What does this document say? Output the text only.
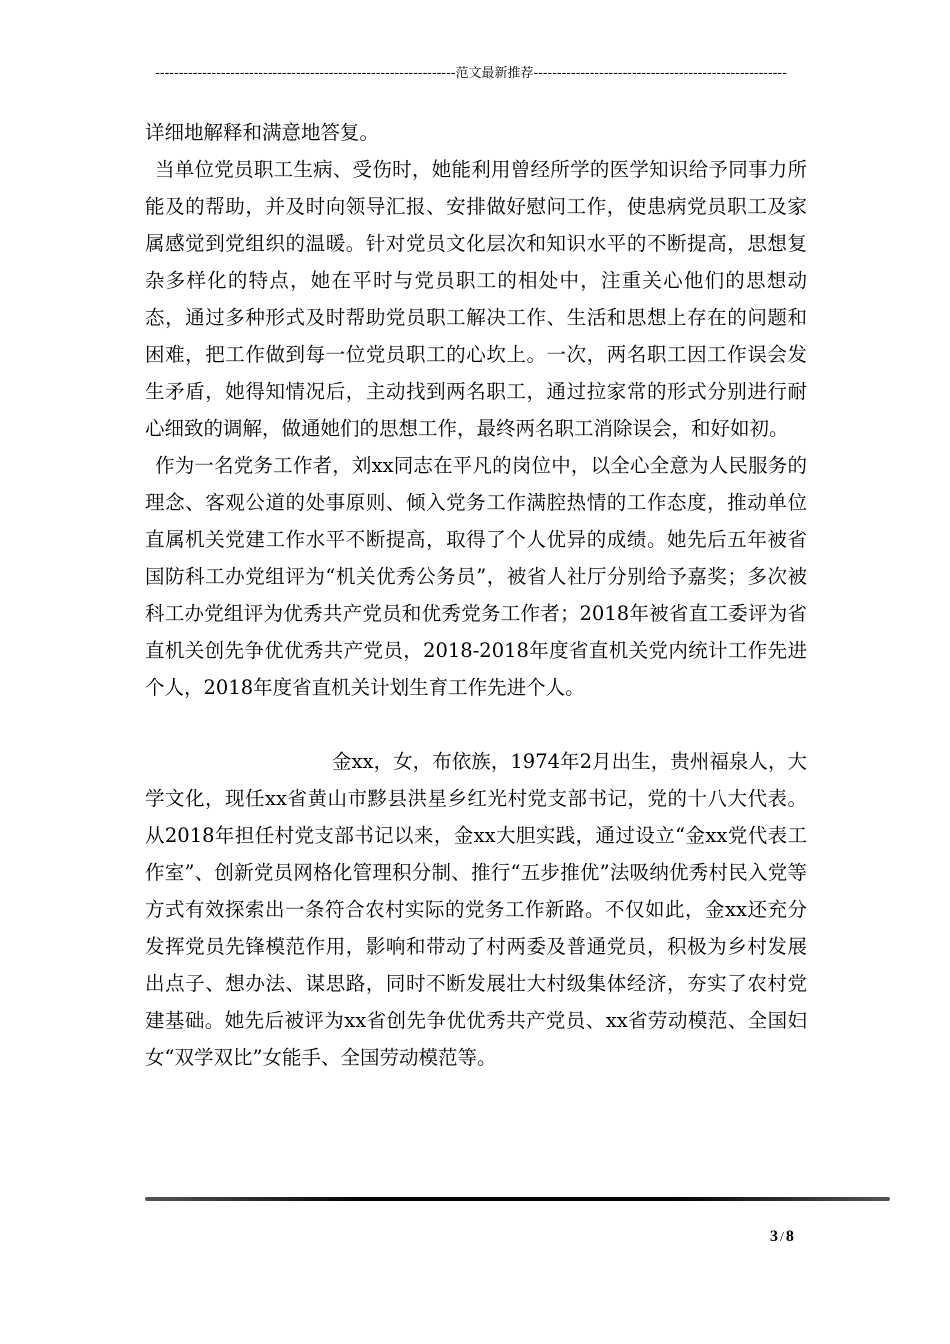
----------------------------------------------------------------范文最新推荐------------------------------------------------------

详细地解释和满意地答复。

当单位党员职工生病、受伤时，她能利用曾经所学的医学知识给予同事力所能及的帮助，并及时向领导汇报、安排做好慰问工作，使患病党员职工及家属感觉到党组织的温暖。针对党员文化层次和知识水平的不断提高，思想复杂多样化的特点，她在平时与党员职工的相处中，注重关心他们的思想动态，通过多种形式及时帮助党员职工解决工作、生活和思想上存在的问题和困难，把工作做到每一位党员职工的心坎上。一次，两名职工因工作误会发生矛盾，她得知情况后，主动找到两名职工，通过拉家常的形式分别进行耐心细致的调解，做通她们的思想工作，最终两名职工消除误会，和好如初。

作为一名党务工作者，刘xx同志在平凡的岗位中，以全心全意为人民服务的理念、客观公道的处事原则、倾入党务工作满腔热情的工作态度，推动单位直属机关党建工作水平不断提高，取得了个人优异的成绩。她先后五年被省国防科工办党组评为“机关优秀公务员”，被省人社厅分别给予嘉奖；多次被科工办党组评为优秀共产党员和优秀党务工作者；2018年被省直工委评为省直机关创先争优优秀共产党员，2018-2018年度省直机关党内统计工作先进个人，2018年度省直机关计划生育工作先进个人。

金xx，女，布依族，1974年2月出生，贵州福泉人，大学文化，现任xx省黄山市黟县洪星乡红光村党支部书记，党的十八大代表。从2018年担任村党支部书记以来，金xx大胆实践，通过设立“金xx党代表工作室”、创新党员网格化管理积分制、推行“五步推优”法吸纳优秀村民入党等方式有效探索出一条符合农村实际的党务工作新路。不仅如此，金xx还充分发挥党员先锋模范作用，影响和带动了村两委及普通党员，积极为乡村发展出点子、想办法、谋思路，同时不断发展壮大村级集体经济，夯实了农村党建基础。她先后被评为xx省创先争优优秀共产党员、xx省劳动模范、全国妇女“双学双比”女能手、全国劳动模范等。

3 / 8
